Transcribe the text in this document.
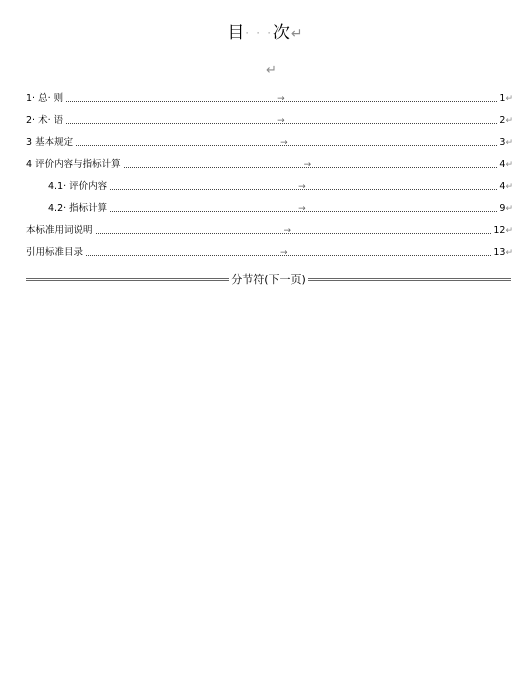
目· · ·次↵
↵
1· 总· 则	→	1↵
2· 术· 语	→	2↵
3 基本规定	→	3↵
4 评价内容与指标计算	→	4↵
4.1· 评价内容	→	4↵
4.2· 指标计算	→	9↵
本标准用词说明	→	12↵
引用标准目录	→	13↵
分节符(下一页)
